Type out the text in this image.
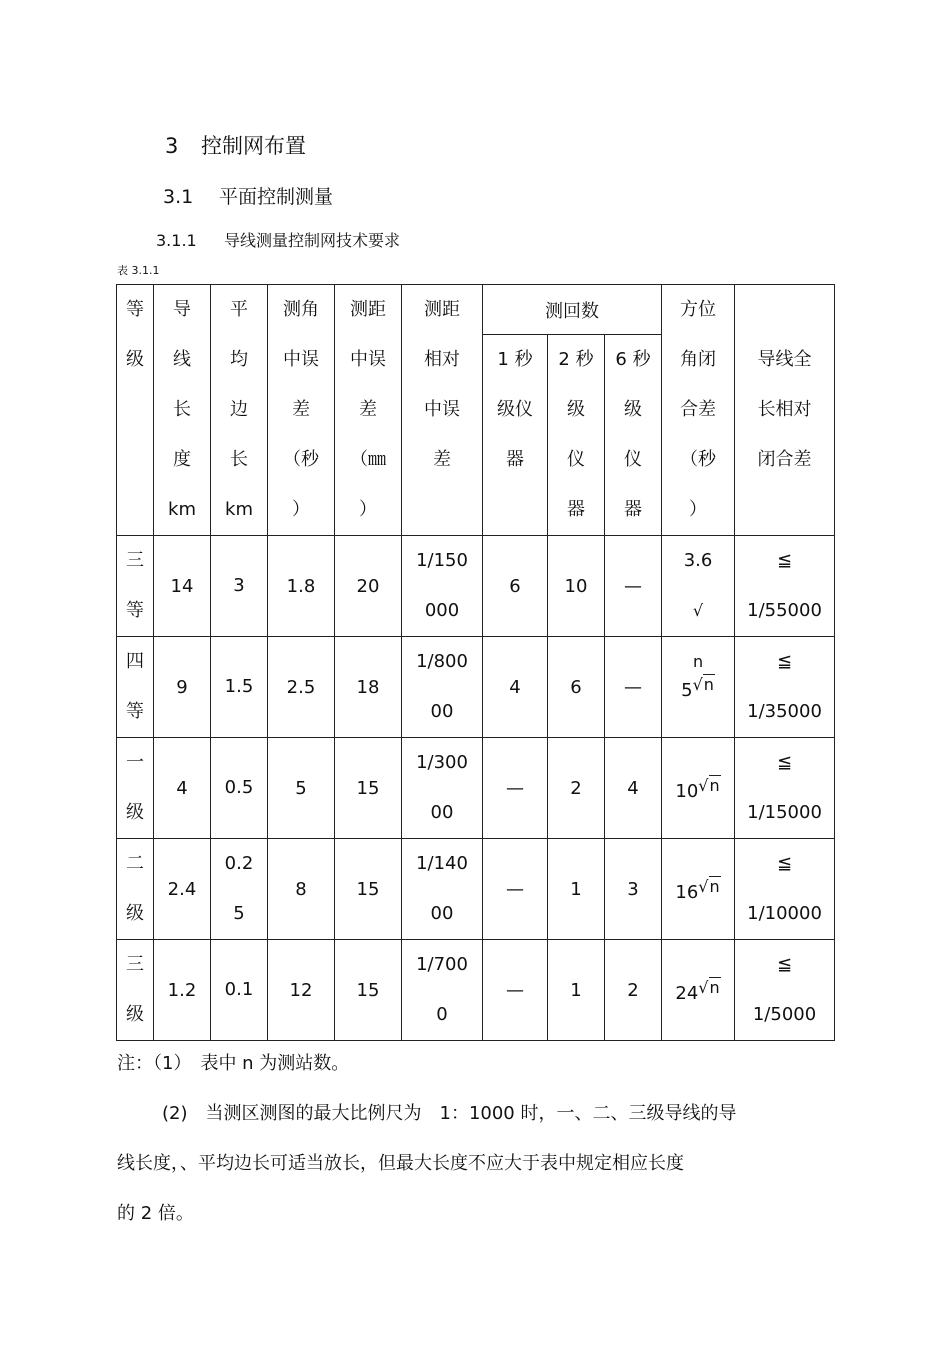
3 控制网布置
3.1 平面控制测量
3.1.1 导线测量控制网技术要求
表 3.1.1
等
级	导
线
长
度
km	平
均
边
长
km	测角
中误
差
（秒
）	测距
中误
差
（㎜
）	测距
相对
中误
差	测回数			方位
角闭
合差
（秒
）	导线全
长相对
闭合差

						1 秒
级仪
器	2 秒
级
仪
器	6 秒
级
仪
器		

三
等	14	3	1.8	20	1/150
000	6	10	—	3.6
√
n	≦
1/55000

四
等	9	1.5	2.5	18	1/800
00	4	6	—	5√n	≦
1/35000

一
级	4	0.5	5	15	1/300
00	—	2	4	10√n	≦
1/15000

二
级	2.4	0.2
5	8	15	1/140
00	—	1	3	16√n	≦
1/10000

三
级	1.2	0.1	12	15	1/700
0	—	1	2	24√n	≦
1/5000
注：（1）　表中 n 为测站数。
(2)　当测区测图的最大比例尺为　1：1000 时，一、二、三级导线的导
线长度，、平均边长可适当放长，但最大长度不应大于表中规定相应长度
的 2 倍。
